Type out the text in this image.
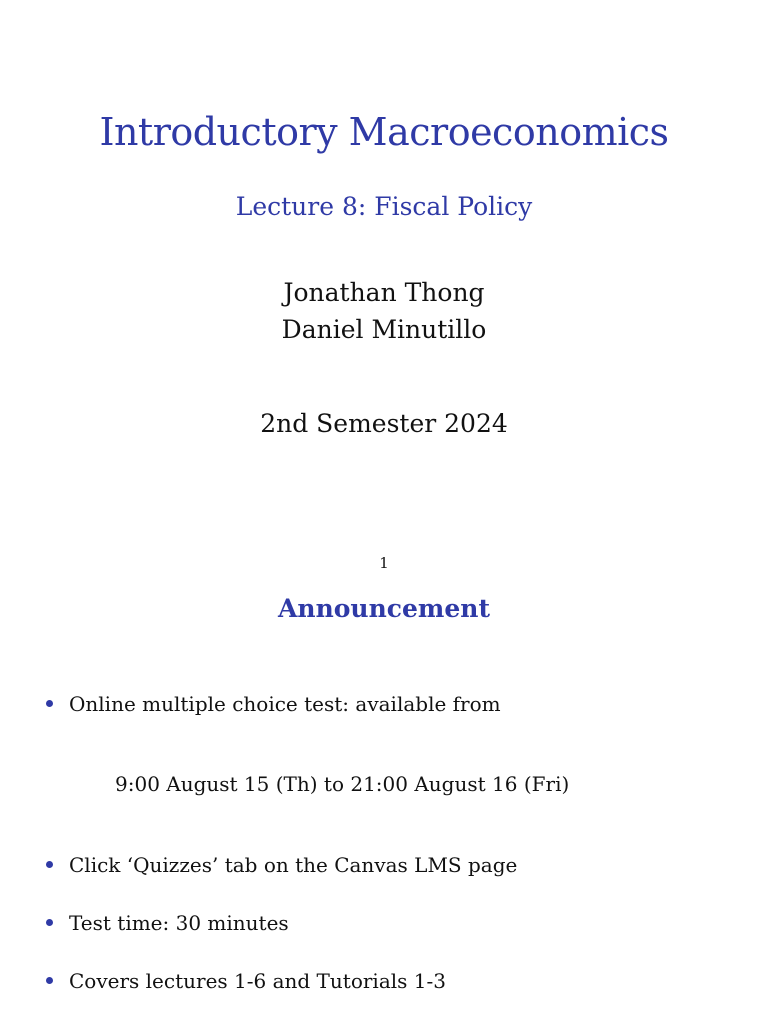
Introductory Macroeconomics
Lecture 8: Fiscal Policy
Jonathan Thong
Daniel Minutillo
2nd Semester 2024
1
Announcement
Online multiple choice test: available from
9:00 August 15 (Th) to 21:00 August 16 (Fri)
Click ‘Quizzes’ tab on the Canvas LMS page
Test time: 30 minutes
Covers lectures 1-6 and Tutorials 1-3
